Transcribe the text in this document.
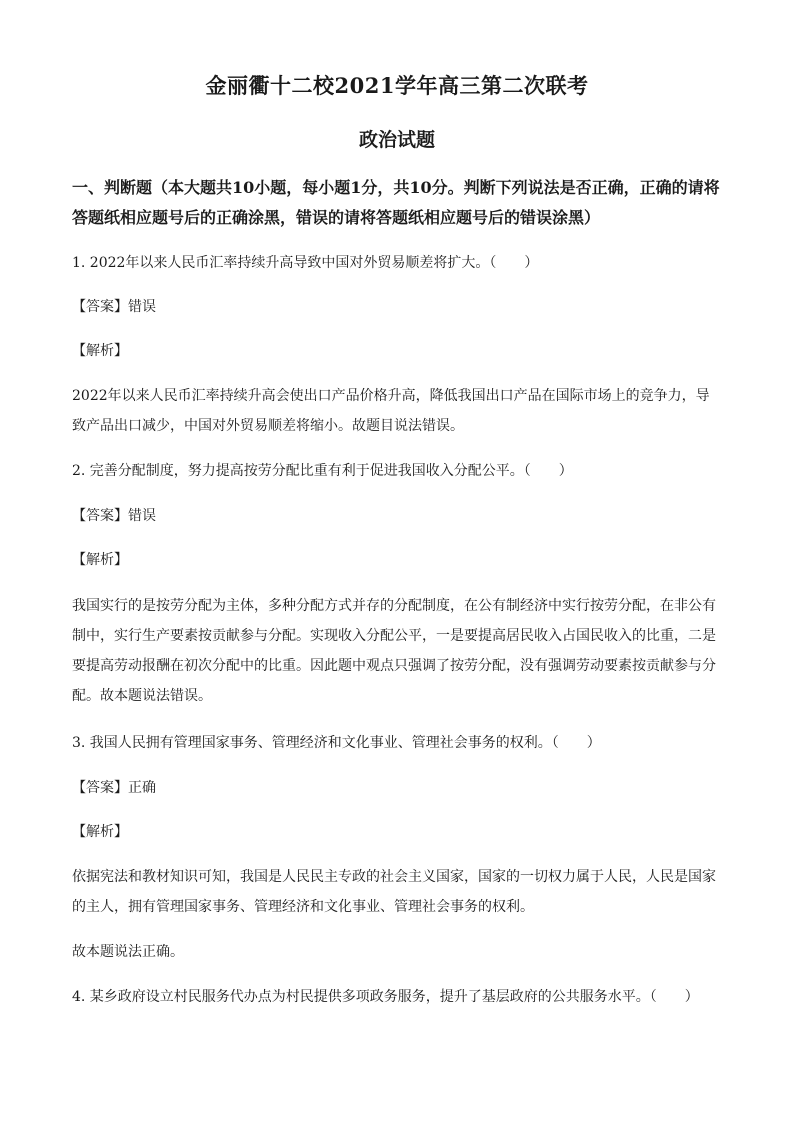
金丽衢十二校2021学年高三第二次联考
政治试题
一、判断题（本大题共10小题，每小题1分，共10分。判断下列说法是否正确，正确的请将答题纸相应题号后的正确涂黑，错误的请将答题纸相应题号后的错误涂黑）
1. 2022年以来人民币汇率持续升高导致中国对外贸易顺差将扩大。（　　）
【答案】错误
【解析】
2022年以来人民币汇率持续升高会使出口产品价格升高，降低我国出口产品在国际市场上的竞争力，导致产品出口减少，中国对外贸易顺差将缩小。故题目说法错误。
2. 完善分配制度，努力提高按劳分配比重有利于促进我国收入分配公平。（　　）
【答案】错误
【解析】
我国实行的是按劳分配为主体，多种分配方式并存的分配制度，在公有制经济中实行按劳分配，在非公有制中，实行生产要素按贡献参与分配。实现收入分配公平，一是要提高居民收入占国民收入的比重，二是要提高劳动报酬在初次分配中的比重。因此题中观点只强调了按劳分配，没有强调劳动要素按贡献参与分配。故本题说法错误。
3. 我国人民拥有管理国家事务、管理经济和文化事业、管理社会事务的权利。（　　）
【答案】正确
【解析】
依据宪法和教材知识可知，我国是人民民主专政的社会主义国家，国家的一切权力属于人民，人民是国家的主人，拥有管理国家事务、管理经济和文化事业、管理社会事务的权利。
故本题说法正确。
4. 某乡政府设立村民服务代办点为村民提供多项政务服务，提升了基层政府的公共服务水平。（　　）
